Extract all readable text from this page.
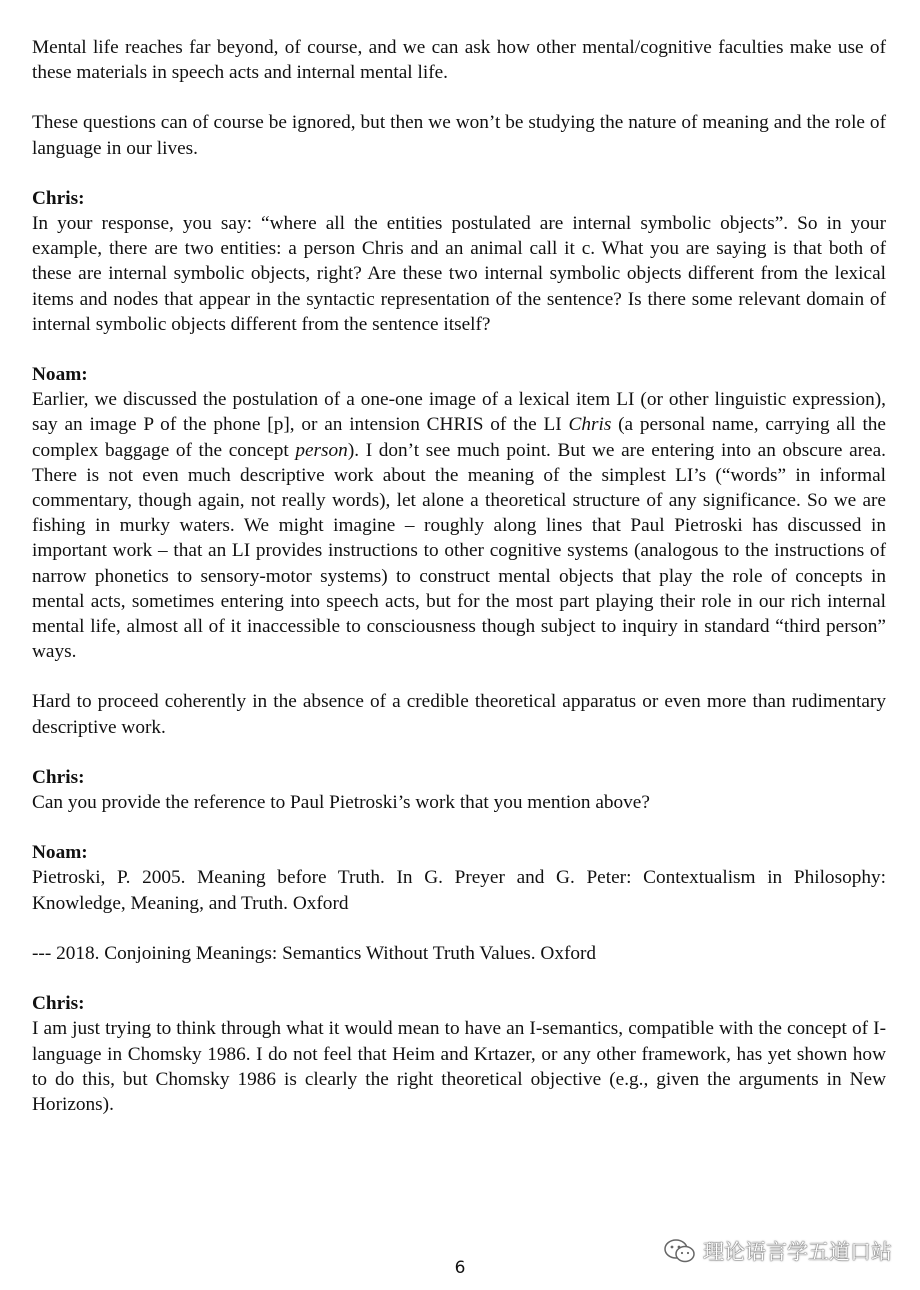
Mental life reaches far beyond, of course, and we can ask how other mental/cognitive faculties make use of these materials in speech acts and internal mental life.

These questions can of course be ignored, but then we won’t be studying the nature of meaning and the role of language in our lives.

Chris:

In your response, you say: “where all the entities postulated are internal symbolic objects”. So in your example, there are two entities: a person Chris and an animal call it c. What you are saying is that both of these are internal symbolic objects, right? Are these two internal symbolic objects different from the lexical items and nodes that appear in the syntactic representation of the sentence? Is there some relevant domain of internal symbolic objects different from the sentence itself?

Noam:

Earlier, we discussed the postulation of a one-one image of a lexical item LI (or other linguistic expression), say an image P of the phone [p], or an intension CHRIS of the LI Chris (a personal name, carrying all the complex baggage of the concept person). I don’t see much point. But we are entering into an obscure area. There is not even much descriptive work about the meaning of the simplest LI’s (“words” in informal commentary, though again, not really words), let alone a theoretical structure of any significance. So we are fishing in murky waters. We might imagine – roughly along lines that Paul Pietroski has discussed in important work – that an LI provides instructions to other cognitive systems (analogous to the instructions of narrow phonetics to sensory-motor systems) to construct mental objects that play the role of concepts in mental acts, sometimes entering into speech acts, but for the most part playing their role in our rich internal mental life, almost all of it inaccessible to consciousness though subject to inquiry in standard “third person” ways.

Hard to proceed coherently in the absence of a credible theoretical apparatus or even more than rudimentary descriptive work.

Chris:

Can you provide the reference to Paul Pietroski’s work that you mention above?

Noam:

Pietroski, P. 2005. Meaning before Truth. In G. Preyer and G. Peter: Contextualism in Philosophy: Knowledge, Meaning, and Truth. Oxford

--- 2018. Conjoining Meanings: Semantics Without Truth Values. Oxford

Chris:

I am just trying to think through what it would mean to have an I-semantics, compatible with the concept of I-language in Chomsky 1986. I do not feel that Heim and Krtazer, or any other framework, has yet shown how to do this, but Chomsky 1986 is clearly the right theoretical objective (e.g., given the arguments in New Horizons).

6
理论语言学五道口站
